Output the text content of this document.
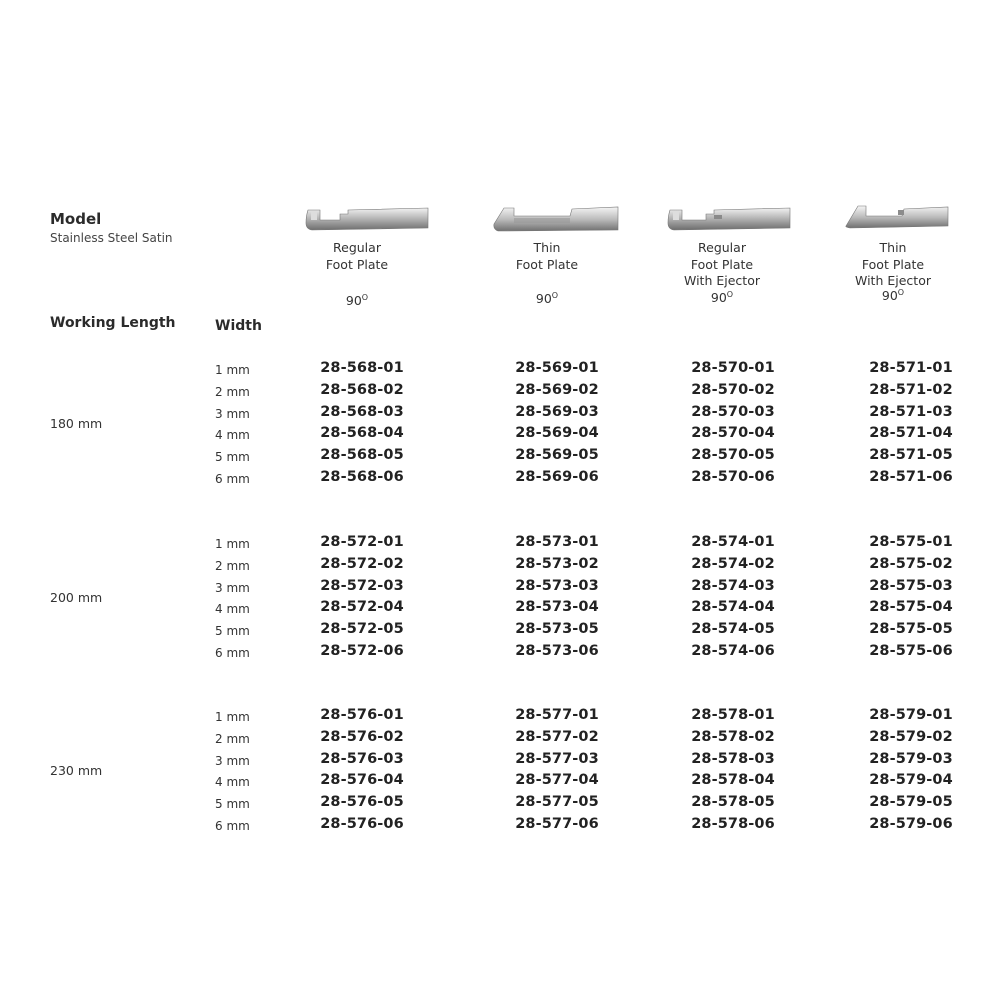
Model
Stainless Steel Satin
Working Length	Width
Regular
Foot Plate

$90^O$
Thin
Foot Plate

$90^O$
Regular
Foot Plate
With Ejector
$90^O$
Thin
Foot Plate
With Ejector
$90^O$
180 mm
1 mm	28-568-01	28-569-01	28-570-01	28-571-01
2 mm	28-568-02	28-569-02	28-570-02	28-571-02
3 mm	28-568-03	28-569-03	28-570-03	28-571-03
4 mm	28-568-04	28-569-04	28-570-04	28-571-04
5 mm	28-568-05	28-569-05	28-570-05	28-571-05
6 mm	28-568-06	28-569-06	28-570-06	28-571-06
200 mm
1 mm	28-572-01	28-573-01	28-574-01	28-575-01
2 mm	28-572-02	28-573-02	28-574-02	28-575-02
3 mm	28-572-03	28-573-03	28-574-03	28-575-03
4 mm	28-572-04	28-573-04	28-574-04	28-575-04
5 mm	28-572-05	28-573-05	28-574-05	28-575-05
6 mm	28-572-06	28-573-06	28-574-06	28-575-06
230 mm
1 mm	28-576-01	28-577-01	28-578-01	28-579-01
2 mm	28-576-02	28-577-02	28-578-02	28-579-02
3 mm	28-576-03	28-577-03	28-578-03	28-579-03
4 mm	28-576-04	28-577-04	28-578-04	28-579-04
5 mm	28-576-05	28-577-05	28-578-05	28-579-05
6 mm	28-576-06	28-577-06	28-578-06	28-579-06
